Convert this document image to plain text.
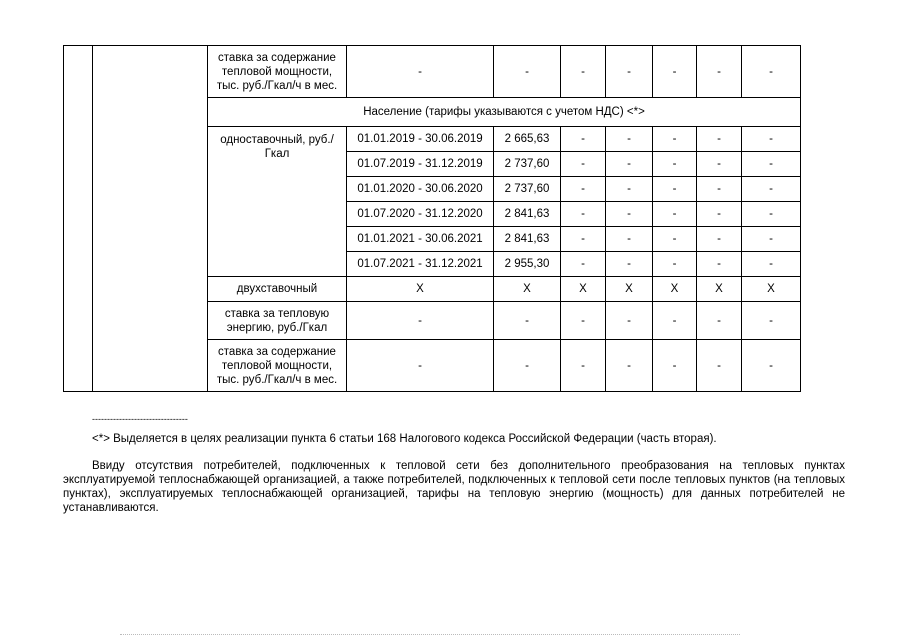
		ставка за содержание тепловой мощности, тыс. руб./Гкал/ч в мес.	-	-	-	-	-	-	-
		Население (тарифы указываются с учетом НДС) <*>							
		одноставочный, руб./Гкал	01.01.2019 - 30.06.2019	2 665,63	-	-	-	-	-
			01.07.2019 - 31.12.2019	2 737,60	-	-	-	-	-
			01.01.2020 - 30.06.2020	2 737,60	-	-	-	-	-
			01.07.2020 - 31.12.2020	2 841,63	-	-	-	-	-
			01.01.2021 - 30.06.2021	2 841,63	-	-	-	-	-
			01.07.2021 - 31.12.2021	2 955,30	-	-	-	-	-
		двухставочный	X	X	X	X	X	X	X
		ставка за тепловую энергию, руб./Гкал	-	-	-	-	-	-	-
		ставка за содержание тепловой мощности, тыс. руб./Гкал/ч в мес.	-	-	-	-	-	-	-
--------------------------------
<*> Выделяется в целях реализации пункта 6 статьи 168 Налогового кодекса Российской Федерации (часть вторая).

Ввиду отсутствия потребителей, подключенных к тепловой сети без дополнительного преобразования на тепловых пунктах эксплуатируемой теплоснабжающей организацией, а также потребителей, подключенных к тепловой сети после тепловых пунктов (на тепловых пунктах), эксплуатируемых теплоснабжающей организацией, тарифы на тепловую энергию (мощность) для данных потребителей не устанавливаются.
